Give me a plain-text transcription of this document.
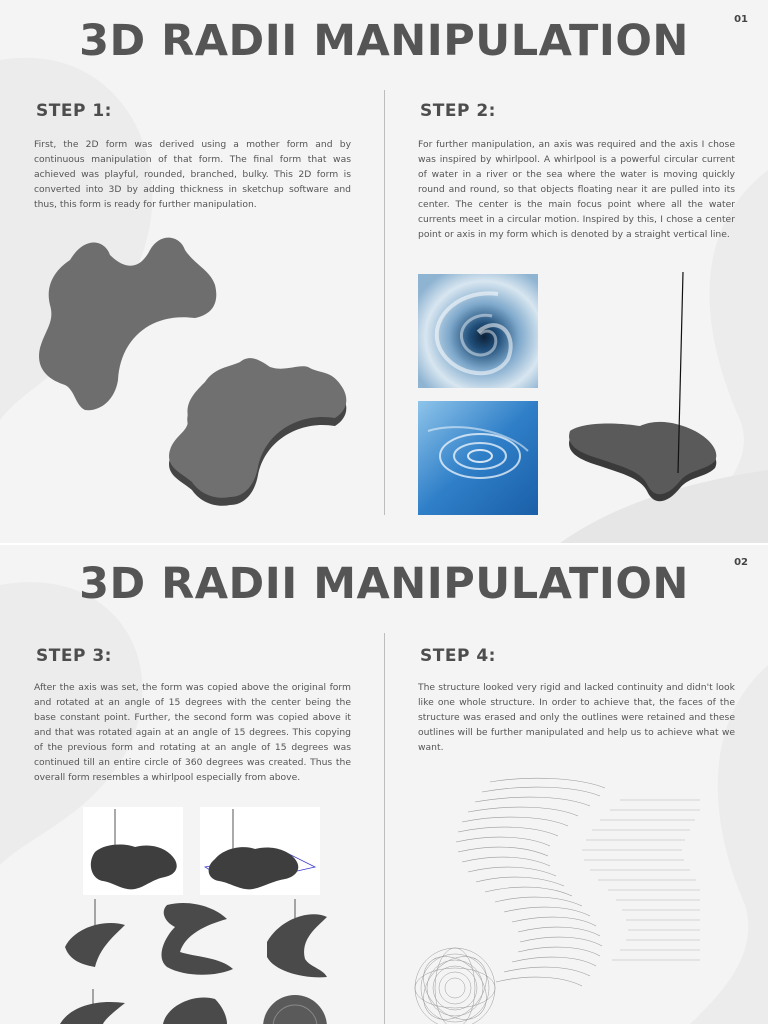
01
3D RADII MANIPULATION
STEP 1:
First, the 2D form was derived using a mother form and by continuous manipulation of that form. The final form that was achieved was playful, rounded, branched, bulky. This 2D form is converted into 3D by adding thickness in sketchup software and thus, this form is ready for further manipulation.
STEP 2:
For further manipulation, an axis was required and the axis I chose was inspired by whirlpool. A whirlpool is a powerful circular current of water in a river or the sea where the water is moving quickly round and round, so that objects floating near it are pulled into its center. The center is the main focus point where all the water currents meet in a circular motion. Inspired by this, I chose a center point or axis in my form which is denoted by a straight vertical line.
02
3D RADII MANIPULATION
STEP 3:
After the axis was set, the form was copied above the original form and rotated at an angle of 15 degrees with the center being the base constant point. Further, the second form was copied above it and that was rotated again at an angle of 15 degrees. This copying of the previous form and rotating at an angle of 15 degrees was continued till an entire circle of 360 degrees was created. Thus the overall form resembles a whirlpool especially from above.
STEP 4:
The structure looked very rigid and lacked continuity and didn't look like one whole structure. In order to achieve that, the faces of the structure was erased and only the outlines were retained and these outlines will be further manipulated and help us to achieve what we want.
